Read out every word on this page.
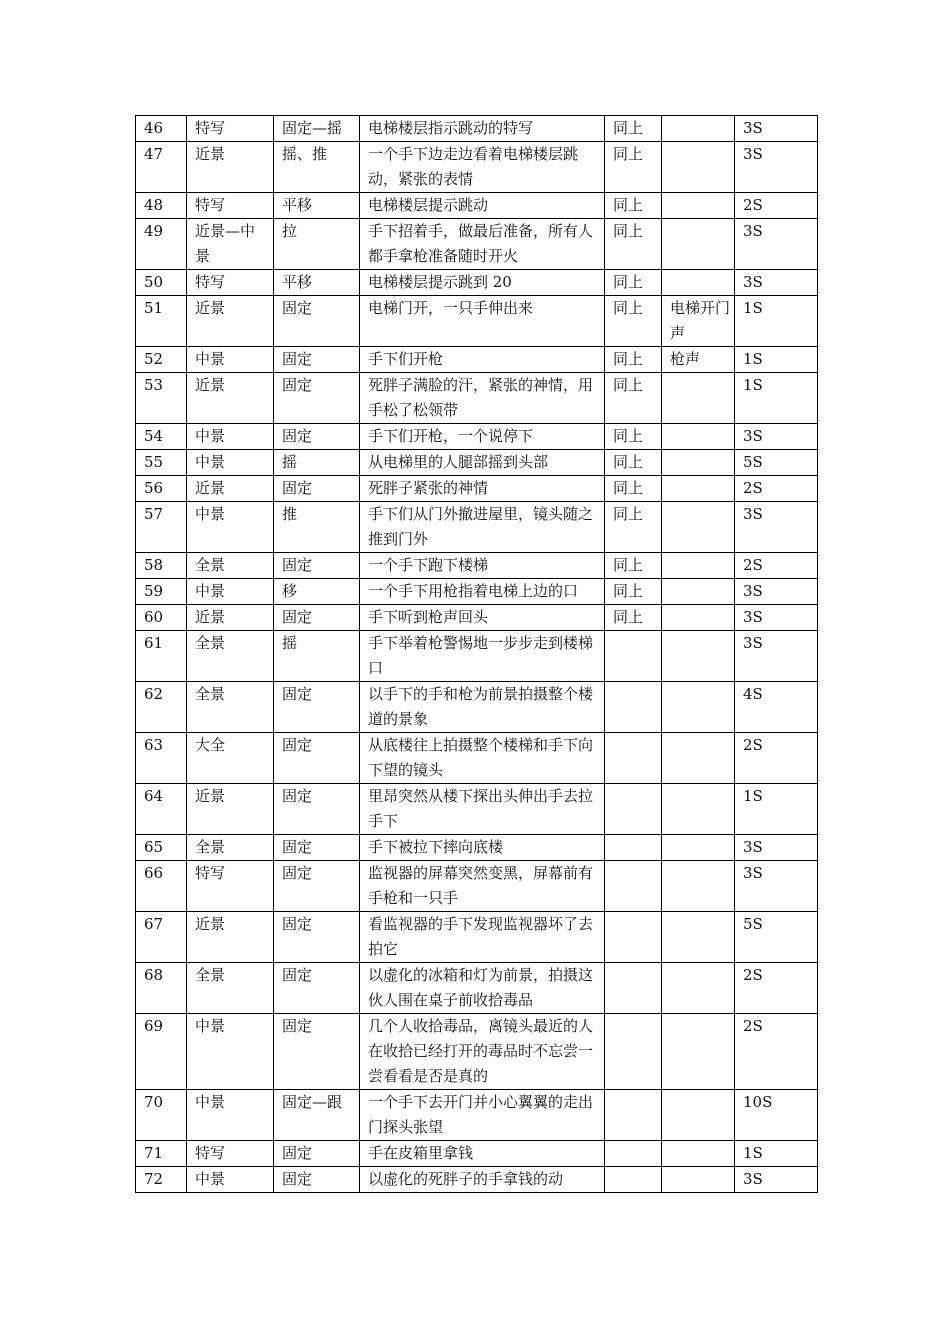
46	特写	固定—摇	电梯楼层指示跳动的特写	同上		3S
47	近景	摇、推	一个手下边走边看着电梯楼层跳动，紧张的表情	同上		3S
48	特写	平移	电梯楼层提示跳动	同上		2S
49	近景—中景	拉	手下招着手，做最后准备，所有人都手拿枪准备随时开火	同上		3S
50	特写	平移	电梯楼层提示跳到 20	同上		3S
51	近景	固定	电梯门开，一只手伸出来	同上	电梯开门声	1S
52	中景	固定	手下们开枪	同上	枪声	1S
53	近景	固定	死胖子满脸的汗，紧张的神情，用手松了松领带	同上		1S
54	中景	固定	手下们开枪，一个说停下	同上		3S
55	中景	摇	从电梯里的人腿部摇到头部	同上		5S
56	近景	固定	死胖子紧张的神情	同上		2S
57	中景	推	手下们从门外撤进屋里，镜头随之推到门外	同上		3S
58	全景	固定	一个手下跑下楼梯	同上		2S
59	中景	移	一个手下用枪指着电梯上边的口	同上		3S
60	近景	固定	手下听到枪声回头	同上		3S
61	全景	摇	手下举着枪警惕地一步步走到楼梯口			3S
62	全景	固定	以手下的手和枪为前景拍摄整个楼道的景象			4S
63	大全	固定	从底楼往上拍摄整个楼梯和手下向下望的镜头			2S
64	近景	固定	里昂突然从楼下探出头伸出手去拉手下			1S
65	全景	固定	手下被拉下摔向底楼			3S
66	特写	固定	监视器的屏幕突然变黑，屏幕前有手枪和一只手			3S
67	近景	固定	看监视器的手下发现监视器坏了去拍它			5S
68	全景	固定	以虚化的冰箱和灯为前景，拍摄这伙人围在桌子前收拾毒品			2S
69	中景	固定	几个人收拾毒品，离镜头最近的人在收拾已经打开的毒品时不忘尝一尝看看是否是真的			2S
70	中景	固定—跟	一个手下去开门并小心翼翼的走出门探头张望			10S
71	特写	固定	手在皮箱里拿钱			1S
72	中景	固定	以虚化的死胖子的手拿钱的动			3S
